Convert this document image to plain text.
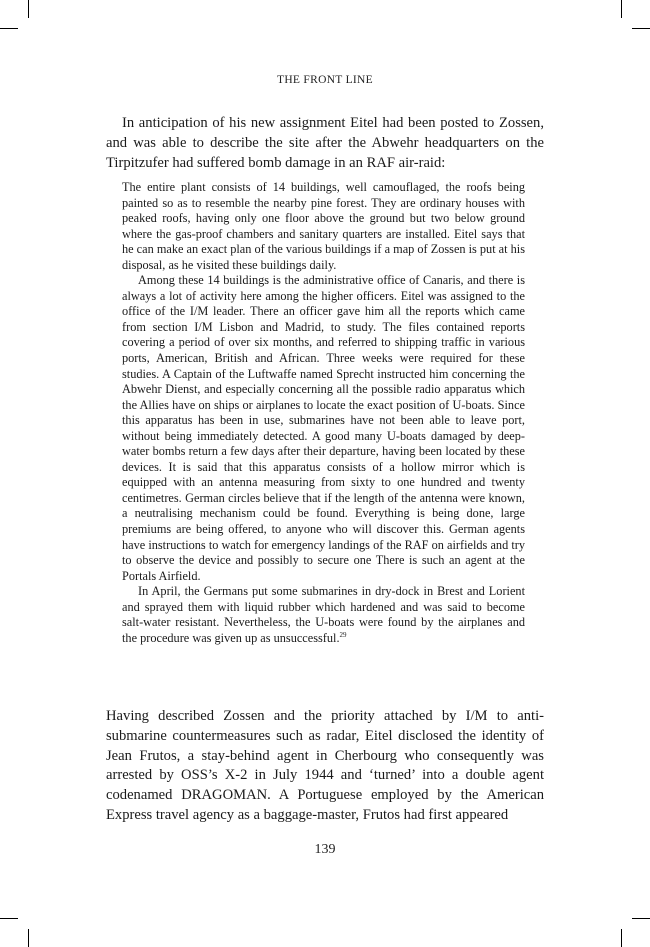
THE FRONT LINE

In anticipation of his new assignment Eitel had been posted to Zossen, and was able to describe the site after the Abwehr headquarters on the Tirpitzufer had suffered bomb damage in an RAF air-raid:

The entire plant consists of 14 buildings, well camouflaged, the roofs being painted so as to resemble the nearby pine forest. They are ordinary houses with peaked roofs, having only one floor above the ground but two below ground where the gas-proof chambers and sanitary quarters are installed. Eitel says that he can make an exact plan of the various buildings if a map of Zossen is put at his disposal, as he visited these buildings daily.

Among these 14 buildings is the administrative office of Canaris, and there is always a lot of activity here among the higher officers. Eitel was assigned to the office of the I/M leader. There an officer gave him all the reports which came from section I/M Lisbon and Madrid, to study. The files contained reports covering a period of over six months, and referred to shipping traffic in various ports, American, British and African. Three weeks were required for these studies. A Captain of the Luftwaffe named Sprecht instructed him concerning the Abwehr Dienst, and especially concerning all the possible radio apparatus which the Allies have on ships or airplanes to locate the exact position of U-boats. Since this apparatus has been in use, submarines have not been able to leave port, without being immediately detected. A good many U-boats damaged by deep-water bombs return a few days after their departure, having been located by these devices. It is said that this apparatus consists of a hollow mirror which is equipped with an antenna measuring from sixty to one hundred and twenty centimetres. German circles believe that if the length of the antenna were known, a neutralising mechanism could be found. Everything is being done, large premiums are being offered, to anyone who will discover this. German agents have instructions to watch for emergency landings of the RAF on airfields and try to observe the device and possibly to secure one There is such an agent at the Portals Airfield.

In April, the Germans put some submarines in dry-dock in Brest and Lorient and sprayed them with liquid rubber which hardened and was said to become salt-water resistant. Nevertheless, the U-boats were found by the airplanes and the procedure was given up as unsuccessful.$^{29}$

Having described Zossen and the priority attached by I/M to anti-submarine countermeasures such as radar, Eitel disclosed the identity of Jean Frutos, a stay-behind agent in Cherbourg who consequently was arrested by OSS’s X-2 in July 1944 and ‘turned’ into a double agent codenamed DRAGOMAN. A Portuguese employed by the American Express travel agency as a baggage-master, Frutos had first appeared

139
